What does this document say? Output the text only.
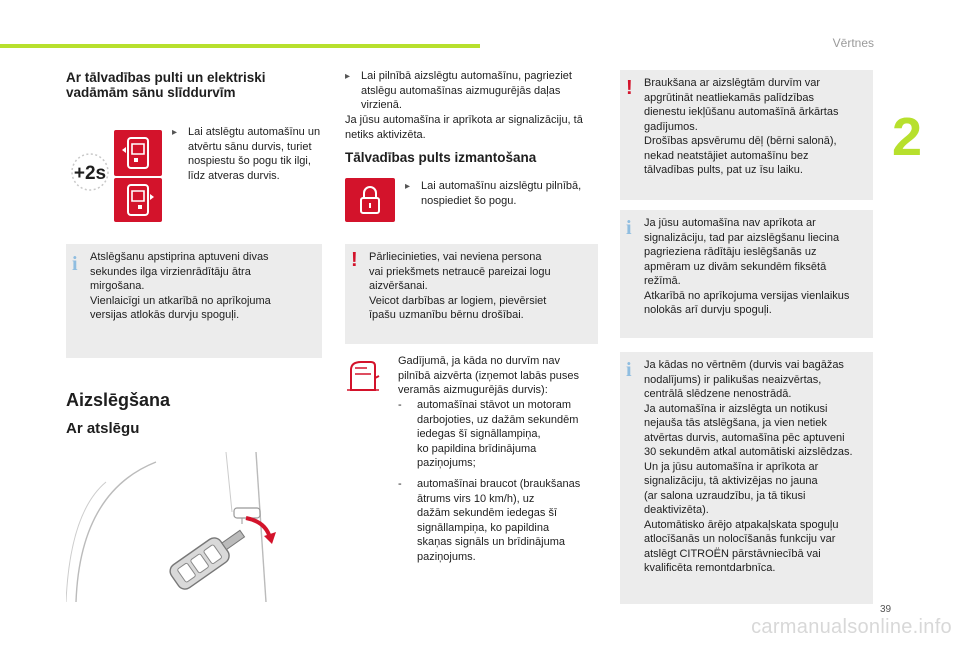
Vērtnes
2
Ar tālvadības pulti un elektriski vadāmām sānu slīddurvīm
+2s
▸ Lai atslēgtu automašīnu un atvērtu sānu durvis, turiet nospiestu šo pogu tik ilgi, līdz atveras durvis.
i Atslēgšanu apstiprina aptuveni divas
sekundes ilga virzienrādītāju ātra
mirgošana.
Vienlaicīgi un atkarībā no aprīkojuma
versijas atlokās durvju spoguļi.
Aizslēgšana
Ar atslēgu
▸ Lai pilnībā aizslēgtu automašīnu, pagrieziet atslēgu automašīnas aizmugurējās daļas virzienā.
Ja jūsu automašīna ir aprīkota ar signalizāciju, tā netiks aktivizēta.
Tālvadības pults izmantošana
▸ Lai automašīnu aizslēgtu pilnībā, nospiediet šo pogu.
! Pārliecinieties, vai neviena persona
vai priekšmets netraucē pareizai logu
aizvēršanai.
Veicot darbības ar logiem, pievērsiet
īpašu uzmanību bērnu drošībai.
Gadījumā, ja kāda no durvīm nav
pilnībā aizvērta (izņemot labās puses
veramās aizmugurējās durvis):
- automašīnai stāvot un motoram
darbojoties, uz dažām sekundēm
iedegas šī signāllampiņa,
ko papildina brīdinājuma
paziņojums;
- automašīnai braucot (braukšanas
ātrums virs 10 km/h), uz
dažām sekundēm iedegas šī
signāllampiņa, ko papildina
skaņas signāls un brīdinājuma
paziņojums.
! Braukšana ar aizslēgtām durvīm var
apgrūtināt neatliekamās palīdzības
dienestu iekļūšanu automašīnā ārkārtas
gadījumos.
Drošības apsvērumu dēļ (bērni salonā),
nekad neatstājiet automašīnu bez
tālvadības pults, pat uz īsu laiku.
i Ja jūsu automašīna nav aprīkota ar
signalizāciju, tad par aizslēgšanu liecina
pagrieziena rādītāju ieslēgšanās uz
apmēram uz divām sekundēm fiksētā
režīmā.
Atkarībā no aprīkojuma versijas vienlaikus
nolokās arī durvju spoguļi.
i Ja kādas no vērtnēm (durvis vai bagāžas
nodalījums) ir palikušas neaizvērtas,
centrālā slēdzene nenostrādā.
Ja automašīna ir aizslēgta un notikusi
nejauša tās atslēgšana, ja vien netiek
atvērtas durvis, automašīna pēc aptuveni
30 sekundēm atkal automātiski aizslēdzas.
Un ja jūsu automašīna ir aprīkota ar
signalizāciju, tā aktivizējas no jauna
(ar salona uzraudzību, ja tā tikusi
deaktivizēta).
Automātisko ārējo atpakaļskata spoguļu
atlocīšanās un nolocīšanās funkciju var
atslēgt CITROËN pārstāvniecībā vai
kvalificēta remontdarbnīca.
39
carmanualsonline.info
